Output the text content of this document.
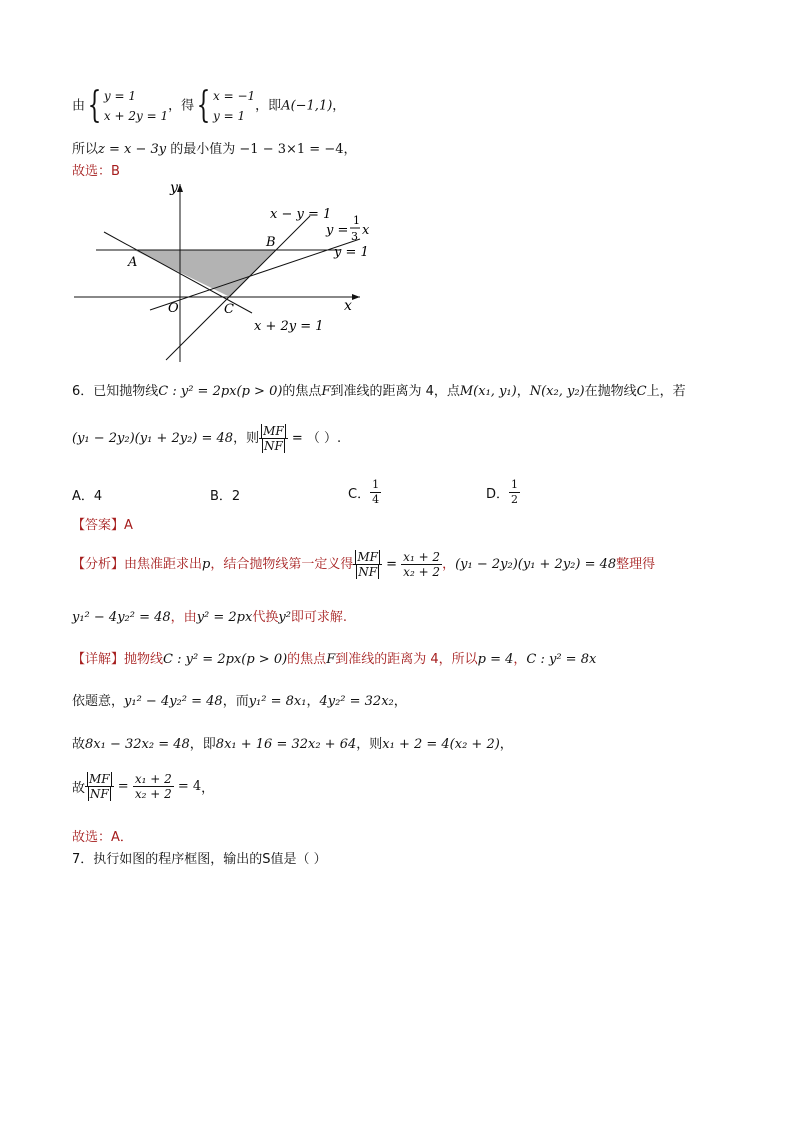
由{ y = 1
x + 2y = 1
，得{ x = −1
y = 1
，即A(−1,1)，
所以z = x − 3y 的最小值为 −1 − 3×1 = −4，
故选：B
y
x
O
A
B
C
x − y = 1
y =
1
3 x
y = 1
x + 2y = 1
6．已知抛物线C : y² = 2px(p > 0)的焦点F到准线的距离为 4，点M(x₁, y₁)，N(x₂, y₂)在抛物线C上，若
(y₁ − 2y₂)(y₁ + 2y₂) = 48，则 $\frac{MF}{NF}$ = （ ）.
A．4	B．2	C． $\frac{1}{4}$	D． $\frac{1}{2}$
【答案】A
【分析】由焦准距求出p，结合抛物线第一定义得 $\frac{MF}{NF} = \frac{\text{x₁ + 2}}{\text{x₂ + 2}}$ ，(y₁ − 2y₂)(y₁ + 2y₂) = 48整理得
y₁² − 4y₂² = 48，由y² = 2px代换y²即可求解.
【详解】抛物线C : y² = 2px(p > 0)的焦点F到准线的距离为 4，所以p = 4，C : y² = 8x
依题意，y₁² − 4y₂² = 48，而y₁² = 8x₁，4y₂² = 32x₂，
故8x₁ − 32x₂ = 48，即8x₁ + 16 = 32x₂ + 64，则x₁ + 2 = 4(x₂ + 2)，
故 $\frac{MF}{NF} = \frac{\text{x₁ + 2}}{\text{x₂ + 2}} = 4$，
故选：A．
7．执行如图的程序框图，输出的S值是（ ）
